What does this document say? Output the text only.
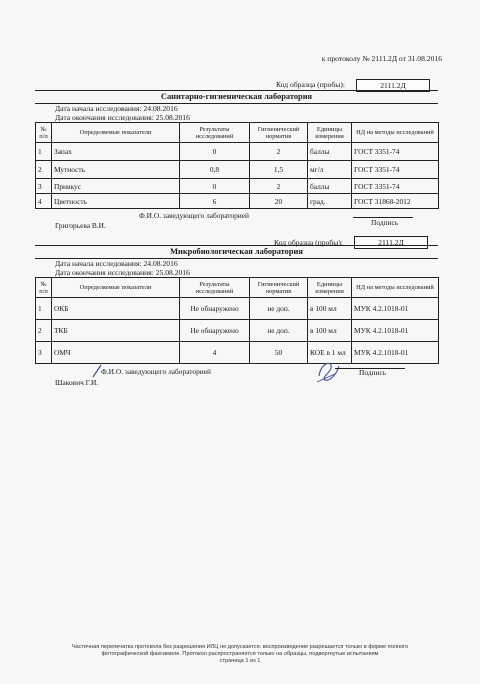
к протоколу № 2111.2Д от 31.08.2016
Код образца (пробы):	2111.2Д
Санитарно-гигиеническая лаборатория
Дата начала исследования: 24.08.2016
Дата окончания исследования: 25.08.2016
№ п/п	Определяемые показатели	Результаты исследований	Гигиенический норматив	Единицы измерения	НД на методы исследований
1	Запах	0	2	баллы	ГОСТ 3351-74
2	Мутность	0,8	1,5	мг/л	ГОСТ 3351-74
3	Привкус	0	2	баллы	ГОСТ 3351-74
4	Цветность	6	20	град.	ГОСТ 31868-2012
Ф.И.О. заведующего лабораторией
Григорьева В.И.	Подпись
Код образца (пробы):	2111.2Д
Микробиологическая лаборатория
Дата начала исследования: 24.08.2016
Дата окончания исследования: 25.08.2016
№ п/п	Определяемые показатели	Результаты исследований	Гигиенический норматив	Единицы измерения	НД на методы исследований
1	ОКБ	Не обнаружено	не доп.	в 100 мл	МУК 4.2.1018-01
2	ТКБ	Не обнаружено	не доп.	в 100 мл	МУК 4.2.1018-01
3	ОМЧ	4	50	КОЕ в 1 мл	МУК 4.2.1018-01
Ф.И.О. заведующего лабораторией
Шакович Г.И.
Подпись
Частичная перепечатка протокола без разрешения ИЛЦ не допускается. воспроизведение разрешается только в форме полного
фотографической факсимиле. Протокол распространяется только на образцы, подвергнутые испытаниям
страница 1 из 1
